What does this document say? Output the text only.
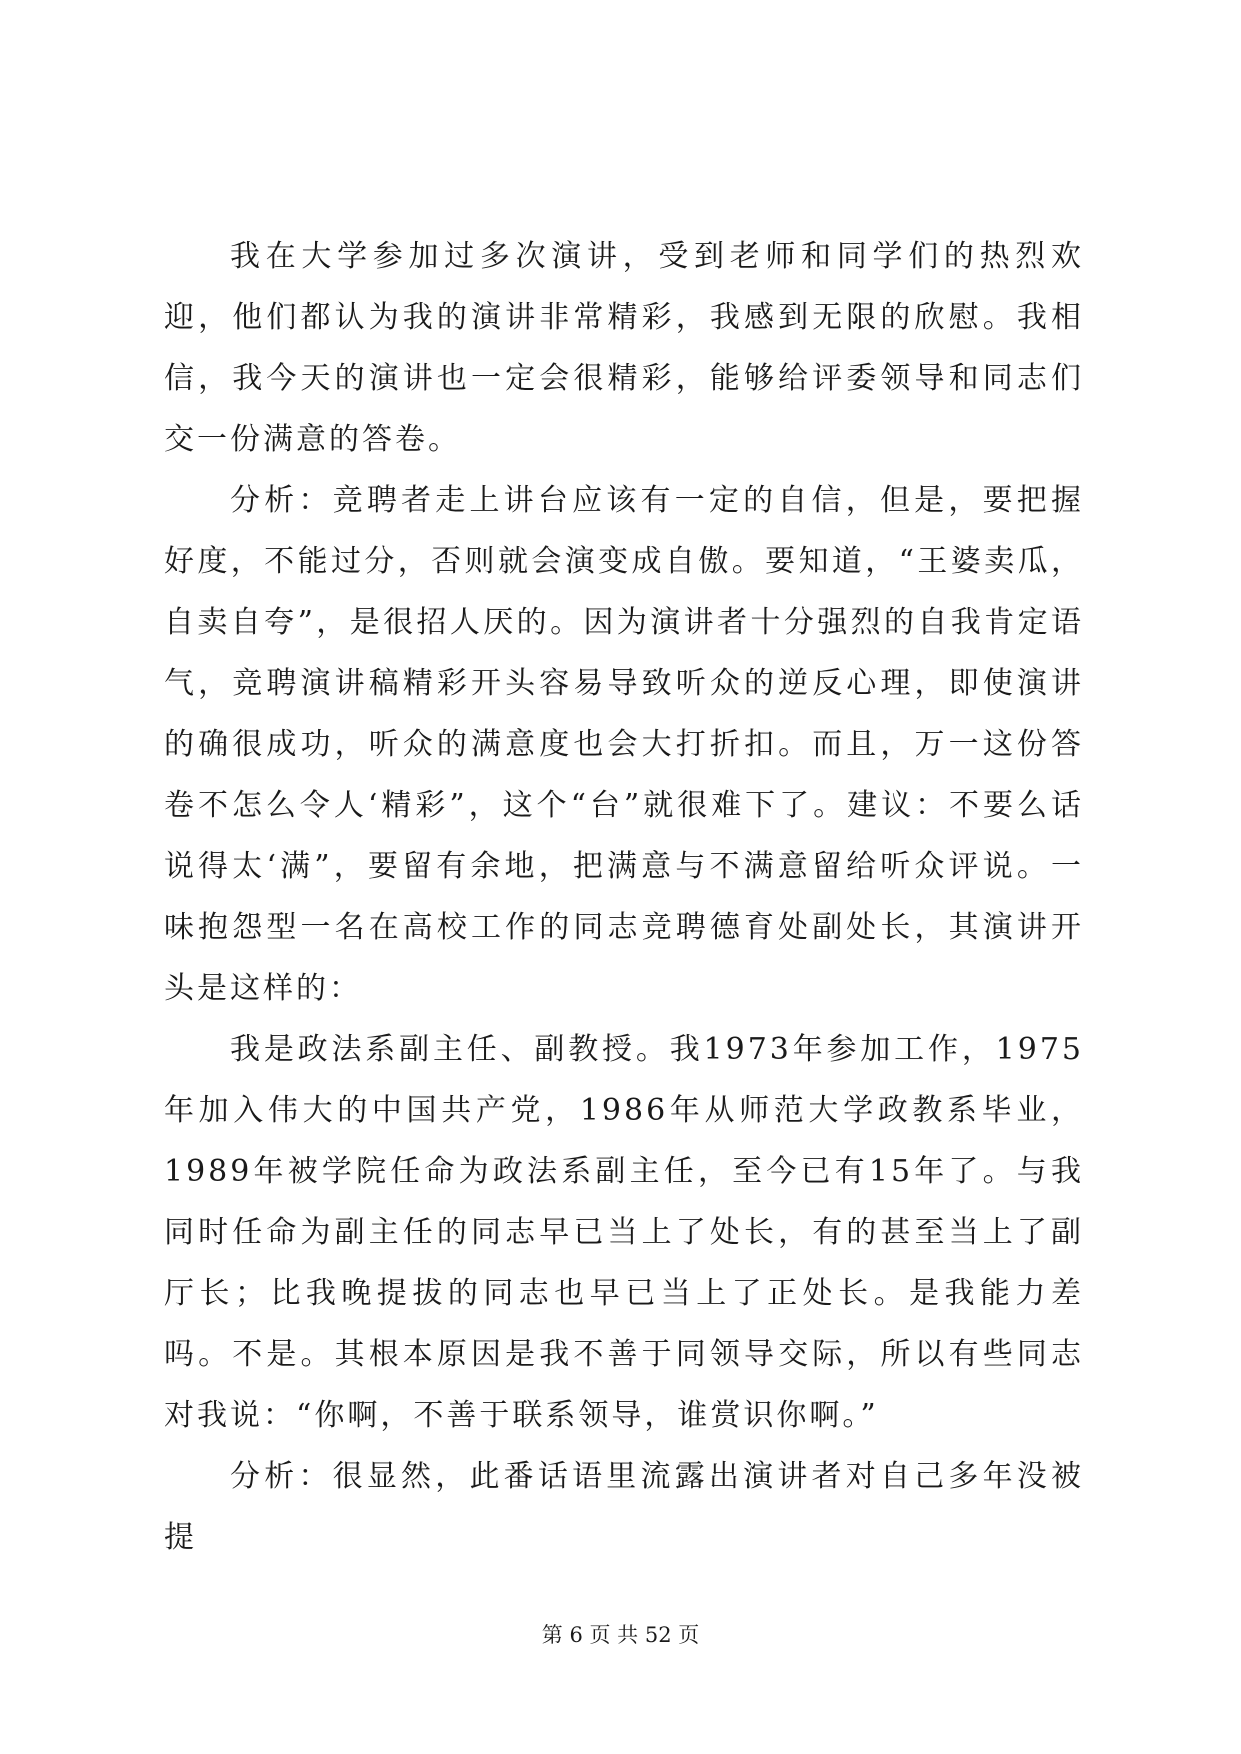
我在大学参加过多次演讲，受到老师和同学们的热烈欢迎，他们都认为我的演讲非常精彩，我感到无限的欣慰。我相信，我今天的演讲也一定会很精彩，能够给评委领导和同志们交一份满意的答卷。

分析：竞聘者走上讲台应该有一定的自信，但是，要把握好度，不能过分，否则就会演变成自傲。要知道，“王婆卖瓜，自卖自夸”，是很招人厌的。因为演讲者十分强烈的自我肯定语气，竞聘演讲稿精彩开头容易导致听众的逆反心理，即使演讲的确很成功，听众的满意度也会大打折扣。而且，万一这份答卷不怎么令人‘精彩”，这个“台”就很难下了。建议：不要么话说得太‘满”，要留有余地，把满意与不满意留给听众评说。一味抱怨型一名在高校工作的同志竞聘德育处副处长，其演讲开头是这样的：

我是政法系副主任、副教授。我1973年参加工作，1975年加入伟大的中国共产党，1986年从师范大学政教系毕业，1989年被学院任命为政法系副主任，至今已有15年了。与我同时任命为副主任的同志早已当上了处长，有的甚至当上了副厅长；比我晚提拔的同志也早已当上了正处长。是我能力差吗。不是。其根本原因是我不善于同领导交际，所以有些同志对我说：“你啊，不善于联系领导，谁赏识你啊。”

分析：很显然，此番话语里流露出演讲者对自己多年没被提

第 6 页 共 52 页
